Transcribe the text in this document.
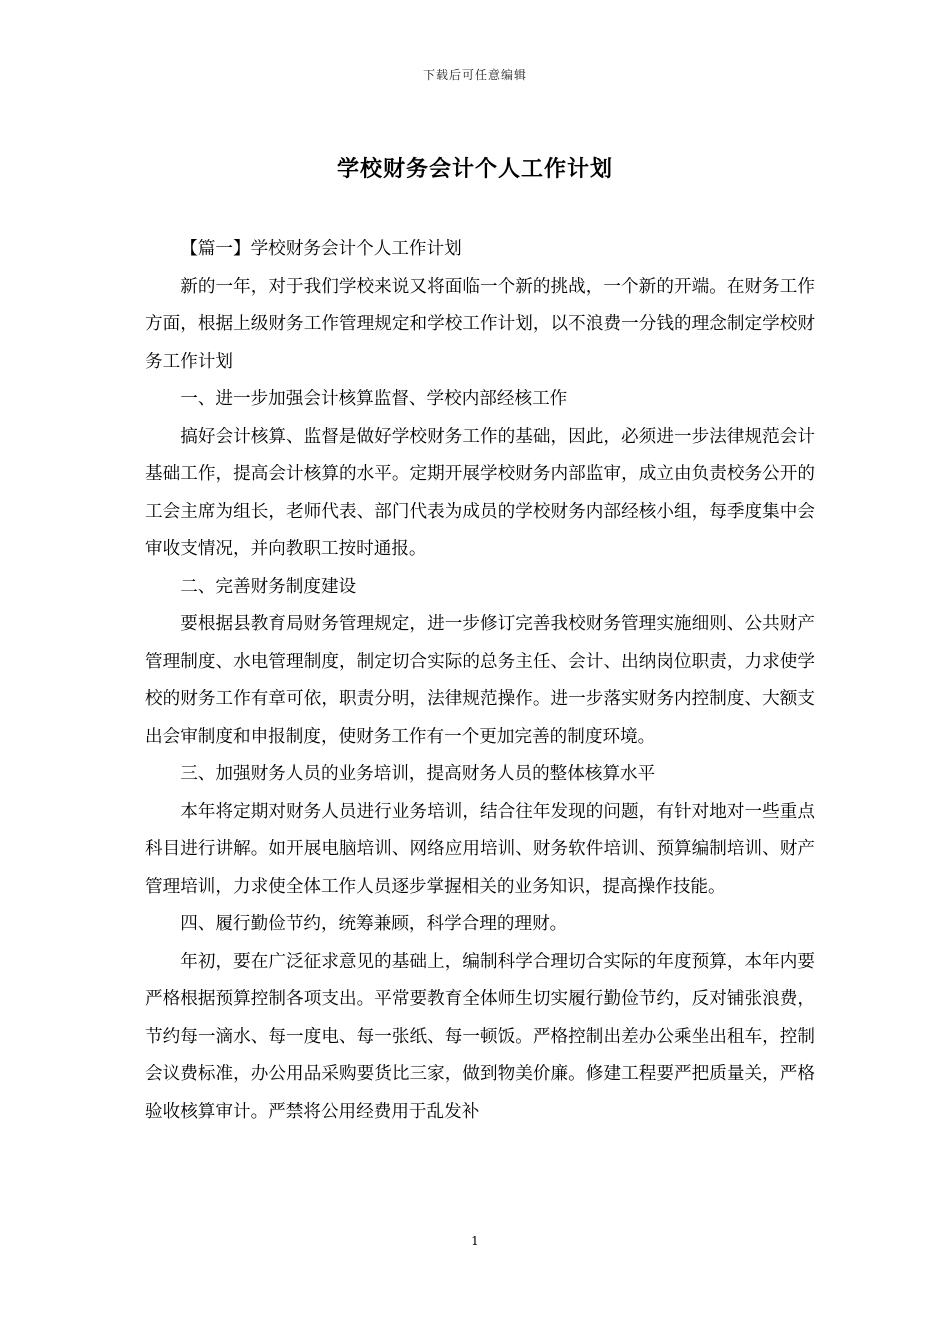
下载后可任意编辑
学校财务会计个人工作计划

【篇一】学校财务会计个人工作计划

新的一年，对于我们学校来说又将面临一个新的挑战，一个新的开端。在财务工作方面，根据上级财务工作管理规定和学校工作计划，以不浪费一分钱的理念制定学校财务工作计划

一、进一步加强会计核算监督、学校内部经核工作

搞好会计核算、监督是做好学校财务工作的基础，因此，必须进一步法律规范会计基础工作，提高会计核算的水平。定期开展学校财务内部监审，成立由负责校务公开的工会主席为组长，老师代表、部门代表为成员的学校财务内部经核小组，每季度集中会审收支情况，并向教职工按时通报。

二、完善财务制度建设

要根据县教育局财务管理规定，进一步修订完善我校财务管理实施细则、公共财产管理制度、水电管理制度，制定切合实际的总务主任、会计、出纳岗位职责，力求使学校的财务工作有章可依，职责分明，法律规范操作。进一步落实财务内控制度、大额支出会审制度和申报制度，使财务工作有一个更加完善的制度环境。

三、加强财务人员的业务培训，提高财务人员的整体核算水平

本年将定期对财务人员进行业务培训，结合往年发现的问题，有针对地对一些重点科目进行讲解。如开展电脑培训、网络应用培训、财务软件培训、预算编制培训、财产管理培训，力求使全体工作人员逐步掌握相关的业务知识，提高操作技能。

四、履行勤俭节约，统筹兼顾，科学合理的理财。

年初，要在广泛征求意见的基础上，编制科学合理切合实际的年度预算，本年内要严格根据预算控制各项支出。平常要教育全体师生切实履行勤俭节约，反对铺张浪费，节约每一滴水、每一度电、每一张纸、每一顿饭。严格控制出差办公乘坐出租车，控制会议费标准，办公用品采购要货比三家，做到物美价廉。修建工程要严把质量关，严格验收核算审计。严禁将公用经费用于乱发补

1
